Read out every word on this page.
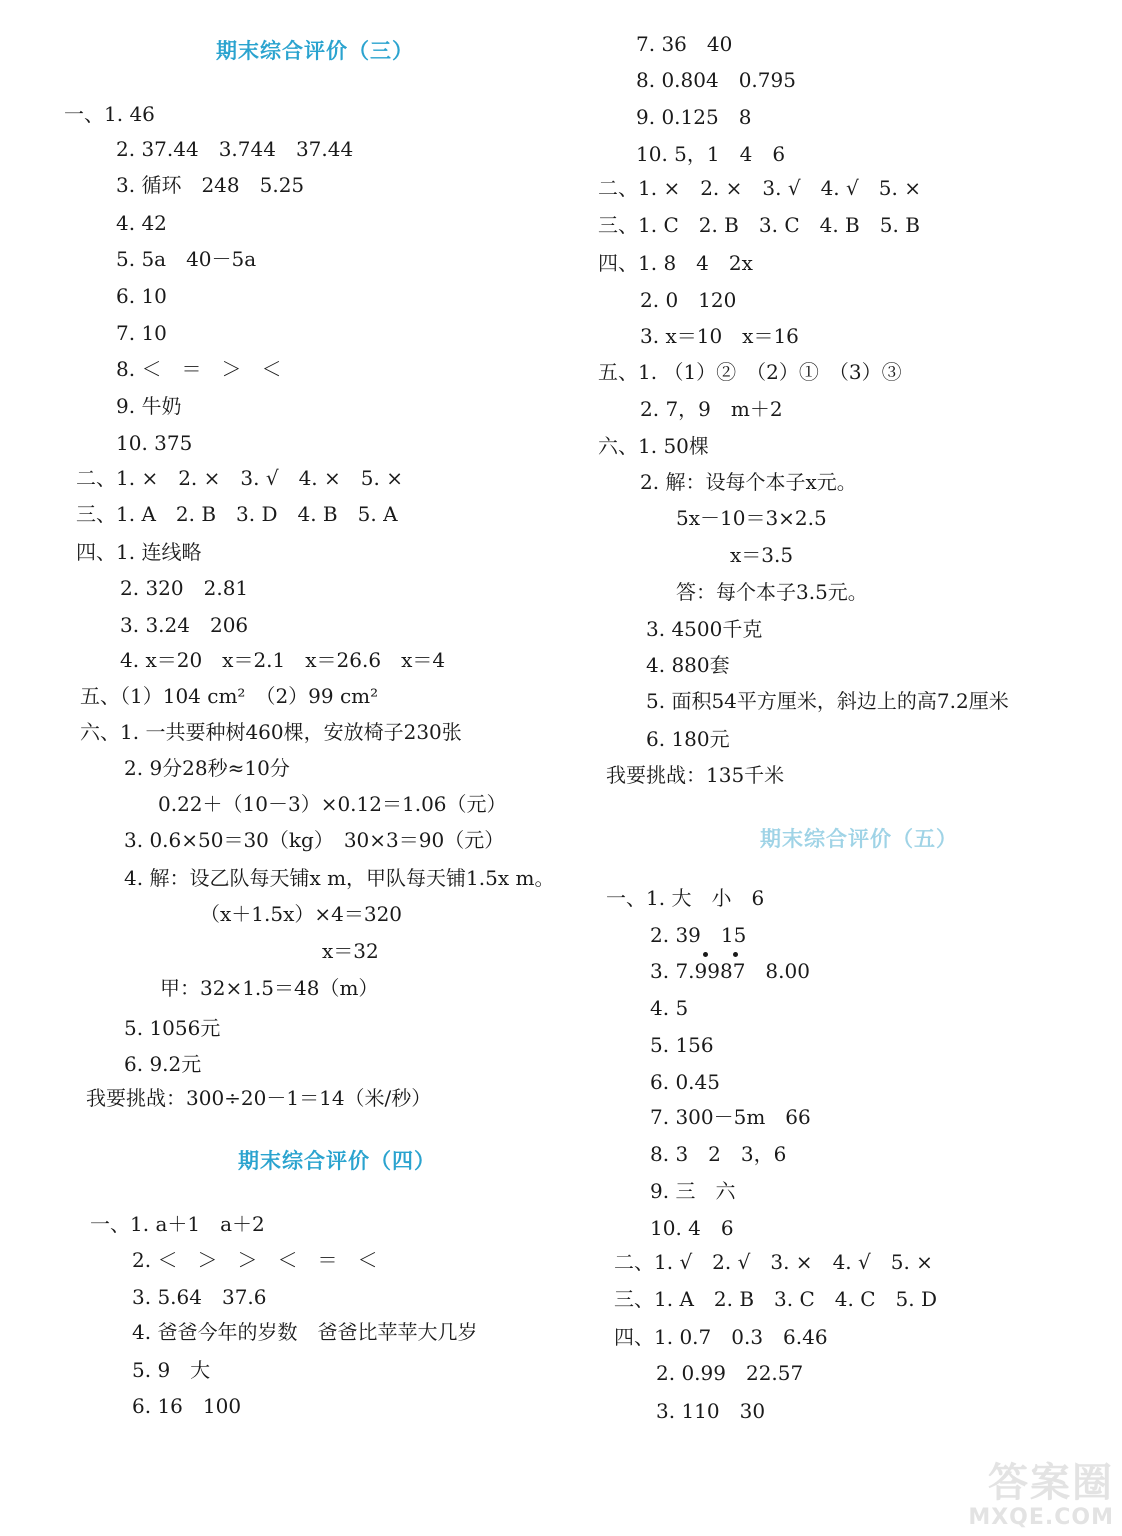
期末综合评价（三）
一、1. 46
2. 37.44　3.744　37.44
3. 循环　248　5.25
4. 42
5. 5a　40－5a
6. 10
7. 10
8. ＜　＝　＞　＜
9. 牛奶
10. 375
二、1. ×　2. ×　3. √　4. ×　5. ×
三、1. A　2. B　3. D　4. B　5. A
四、1. 连线略
2. 320　2.81
3. 3.24　206
4. x＝20　x＝2.1　x＝26.6　x＝4
五、（1）104 cm²　（2）99 cm²
六、1. 一共要种树460棵，安放椅子230张
2. 9分28秒≈10分
0.22＋（10－3）×0.12＝1.06（元）
3. 0.6×50＝30（kg）　30×3＝90（元）
4. 解：设乙队每天铺x m，甲队每天铺1.5x m。
（x＋1.5x）×4＝320
x＝32
甲：32×1.5＝48（m）
5. 1056元
6. 9.2元
我要挑战：300÷20－1＝14（米/秒）
期末综合评价（四）
一、1. a＋1　a＋2
2. ＜　＞　＞　＜　＝　＜
3. 5.64　37.6
4. 爸爸今年的岁数　爸爸比苹苹大几岁
5. 9　大
6. 16　100
7. 36　40
8. 0.804　0.795
9. 0.125　8
10. 5，1　4　6
二、1. ×　2. ×　3. √　4. √　5. ×
三、1. C　2. B　3. C　4. B　5. B
四、1. 8　4　2x
2. 0　120
3. x＝10　x＝16
五、1. （1）②　（2）①　（3）③
2. 7，9　m＋2
六、1. 50棵
2. 解：设每个本子x元。
5x－10＝3×2.5
x＝3.5
答：每个本子3.5元。
3. 4500千克
4. 880套
5. 面积54平方厘米，斜边上的高7.2厘米
6. 180元
我要挑战：135千米
期末综合评价（五）
一、1. 大　小　6
2. 39　15
3. 7.9987　8.00
4. 5
5. 156
6. 0.45
7. 300－5m　66
8. 3　2　3，6
9. 三　六
10. 4　6
二、1. √　2. √　3. ×　4. √　5. ×
三、1. A　2. B　3. C　4. C　5. D
四、1. 0.7　0.3　6.46
2. 0.99　22.57
3. 110　30
答案圈
MXQE.COM
